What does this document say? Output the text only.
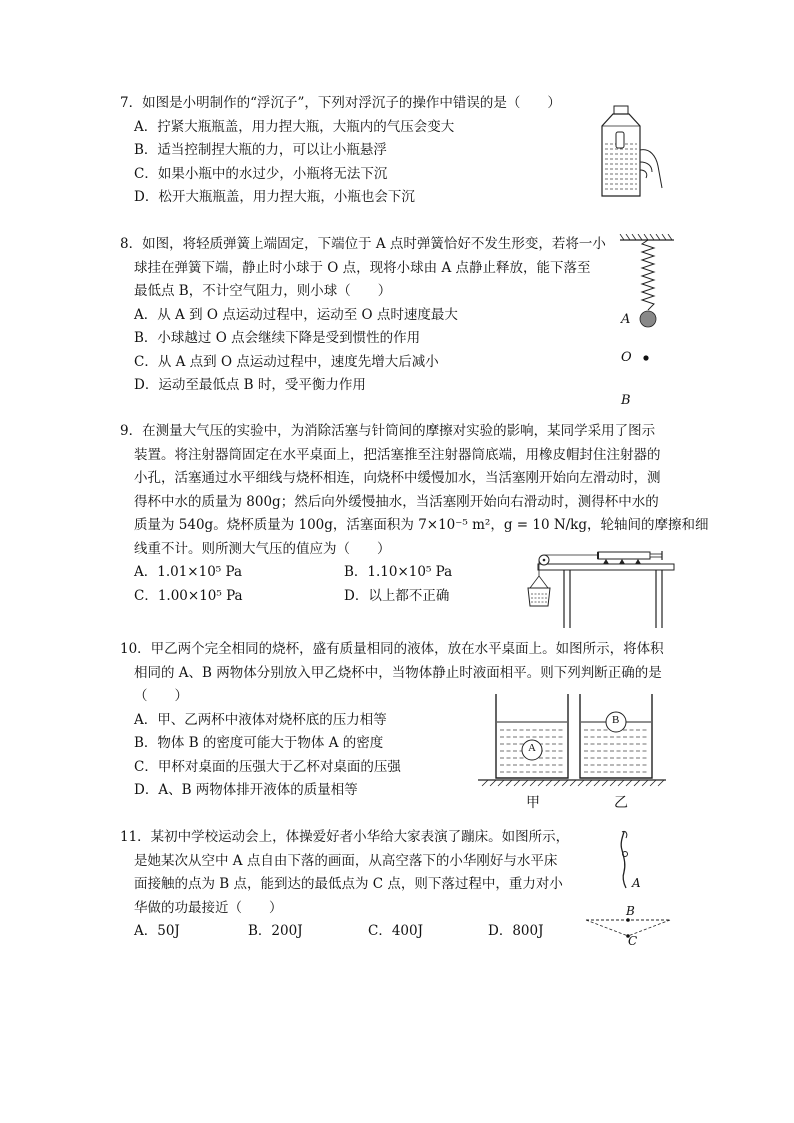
7．如图是小明制作的“浮沉子”，下列对浮沉子的操作中错误的是（　　）
A．拧紧大瓶瓶盖，用力捏大瓶，大瓶内的气压会变大
B．适当控制捏大瓶的力，可以让小瓶悬浮
C．如果小瓶中的水过少，小瓶将无法下沉
D．松开大瓶瓶盖，用力捏大瓶，小瓶也会下沉
8．如图，将轻质弹簧上端固定，下端位于 A 点时弹簧恰好不发生形变，若将一小
球挂在弹簧下端，静止时小球于 O 点，现将小球由 A 点静止释放，能下落至
最低点 B，不计空气阻力，则小球（　　）
A．从 A 到 O 点运动过程中，运动至 O 点时速度最大
B．小球越过 O 点会继续下降是受到惯性的作用
C．从 A 点到 O 点运动过程中，速度先增大后减小
D．运动至最低点 B 时，受平衡力作用
A
O
B
9．在测量大气压的实验中，为消除活塞与针筒间的摩擦对实验的影响，某同学采用了图示
装置。将注射器筒固定在水平桌面上，把活塞推至注射器筒底端，用橡皮帽封住注射器的
小孔，活塞通过水平细线与烧杯相连，向烧杯中缓慢加水，当活塞刚开始向左滑动时，测
得杯中水的质量为 800g；然后向外缓慢抽水，当活塞刚开始向右滑动时，测得杯中水的
质量为 540g。烧杯质量为 100g，活塞面积为 7×10⁻⁵ m²，g = 10 N/kg，轮轴间的摩擦和细
线重不计。则所测大气压的值应为（　　）
A．1.01×10⁵ Pa	B．1.10×10⁵ Pa
C．1.00×10⁵ Pa	D．以上都不正确
10．甲乙两个完全相同的烧杯，盛有质量相同的液体，放在水平桌面上。如图所示，将体积
相同的 A、B 两物体分别放入甲乙烧杯中，当物体静止时液面相平。则下列判断正确的是
（　　）
A．甲、乙两杯中液体对烧杯底的压力相等
B．物体 B 的密度可能大于物体 A 的密度
C．甲杯对桌面的压强大于乙杯对桌面的压强
D．A、B 两物体排开液体的质量相等
A
B
甲	乙
11．某初中学校运动会上，体操爱好者小华给大家表演了蹦床。如图所示，
是她某次从空中 A 点自由下落的画面，从高空落下的小华刚好与水平床
面接触的点为 B 点，能到达的最低点为 C 点，则下落过程中，重力对小
华做的功最接近（　　）
A．50J	B．200J	C．400J	D．800J
A
B
C
